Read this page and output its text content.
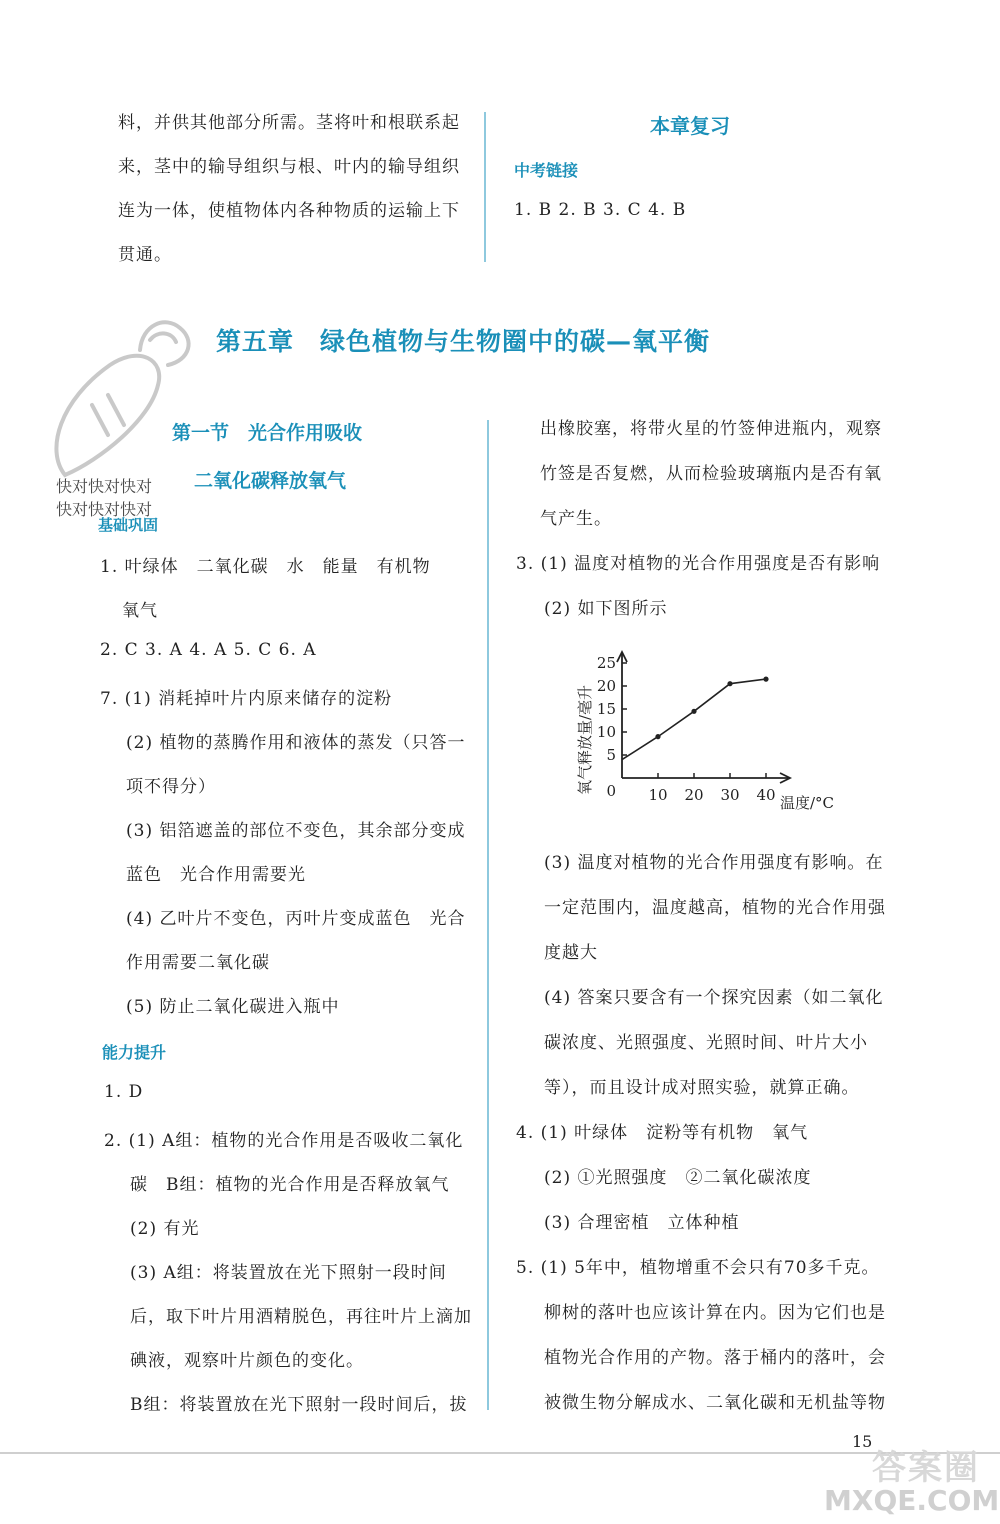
料，并供其他部分所需。茎将叶和根联系起
来，茎中的输导组织与根、叶内的输导组织
连为一体，使植物体内各种物质的运输上下
贯通。
本章复习
中考链接
1. B 2. B 3. C 4. B
第五章　绿色植物与生物圈中的碳—氧平衡
第一节　光合作用吸收
二氧化碳释放氧气
快对快对快对
快对快对快对
基础巩固
1. 叶绿体　二氧化碳　水　能量　有机物
氧气
2. C 3. A 4. A 5. C 6. A
7. (1) 消耗掉叶片内原来储存的淀粉
(2) 植物的蒸腾作用和液体的蒸发（只答一
项不得分）
(3) 铝箔遮盖的部位不变色，其余部分变成
蓝色　光合作用需要光
(4) 乙叶片不变色，丙叶片变成蓝色　光合
作用需要二氧化碳
(5) 防止二氧化碳进入瓶中
能力提升
1. D
2. (1) A组：植物的光合作用是否吸收二氧化
碳　B组：植物的光合作用是否释放氧气
(2) 有光
(3) A组：将装置放在光下照射一段时间
后，取下叶片用酒精脱色，再往叶片上滴加
碘液，观察叶片颜色的变化。
B组：将装置放在光下照射一段时间后，拔
出橡胶塞，将带火星的竹签伸进瓶内，观察
竹签是否复燃，从而检验玻璃瓶内是否有氧
气产生。
3. (1) 温度对植物的光合作用强度是否有影响
(2) 如下图所示
0
5
10
15
20
25
10 20 30 40
氧气释放量/毫升
温度/°C
(3) 温度对植物的光合作用强度有影响。在
一定范围内，温度越高，植物的光合作用强
度越大
(4) 答案只要含有一个探究因素（如二氧化
碳浓度、光照强度、光照时间、叶片大小
等），而且设计成对照实验，就算正确。
4. (1) 叶绿体　淀粉等有机物　氧气
(2) ①光照强度　②二氧化碳浓度
(3) 合理密植　立体种植
5. (1) 5年中，植物增重不会只有70多千克。
柳树的落叶也应该计算在内。因为它们也是
植物光合作用的产物。落于桶内的落叶，会
被微生物分解成水、二氧化碳和无机盐等物
15
答案圈
MXQE.COM
